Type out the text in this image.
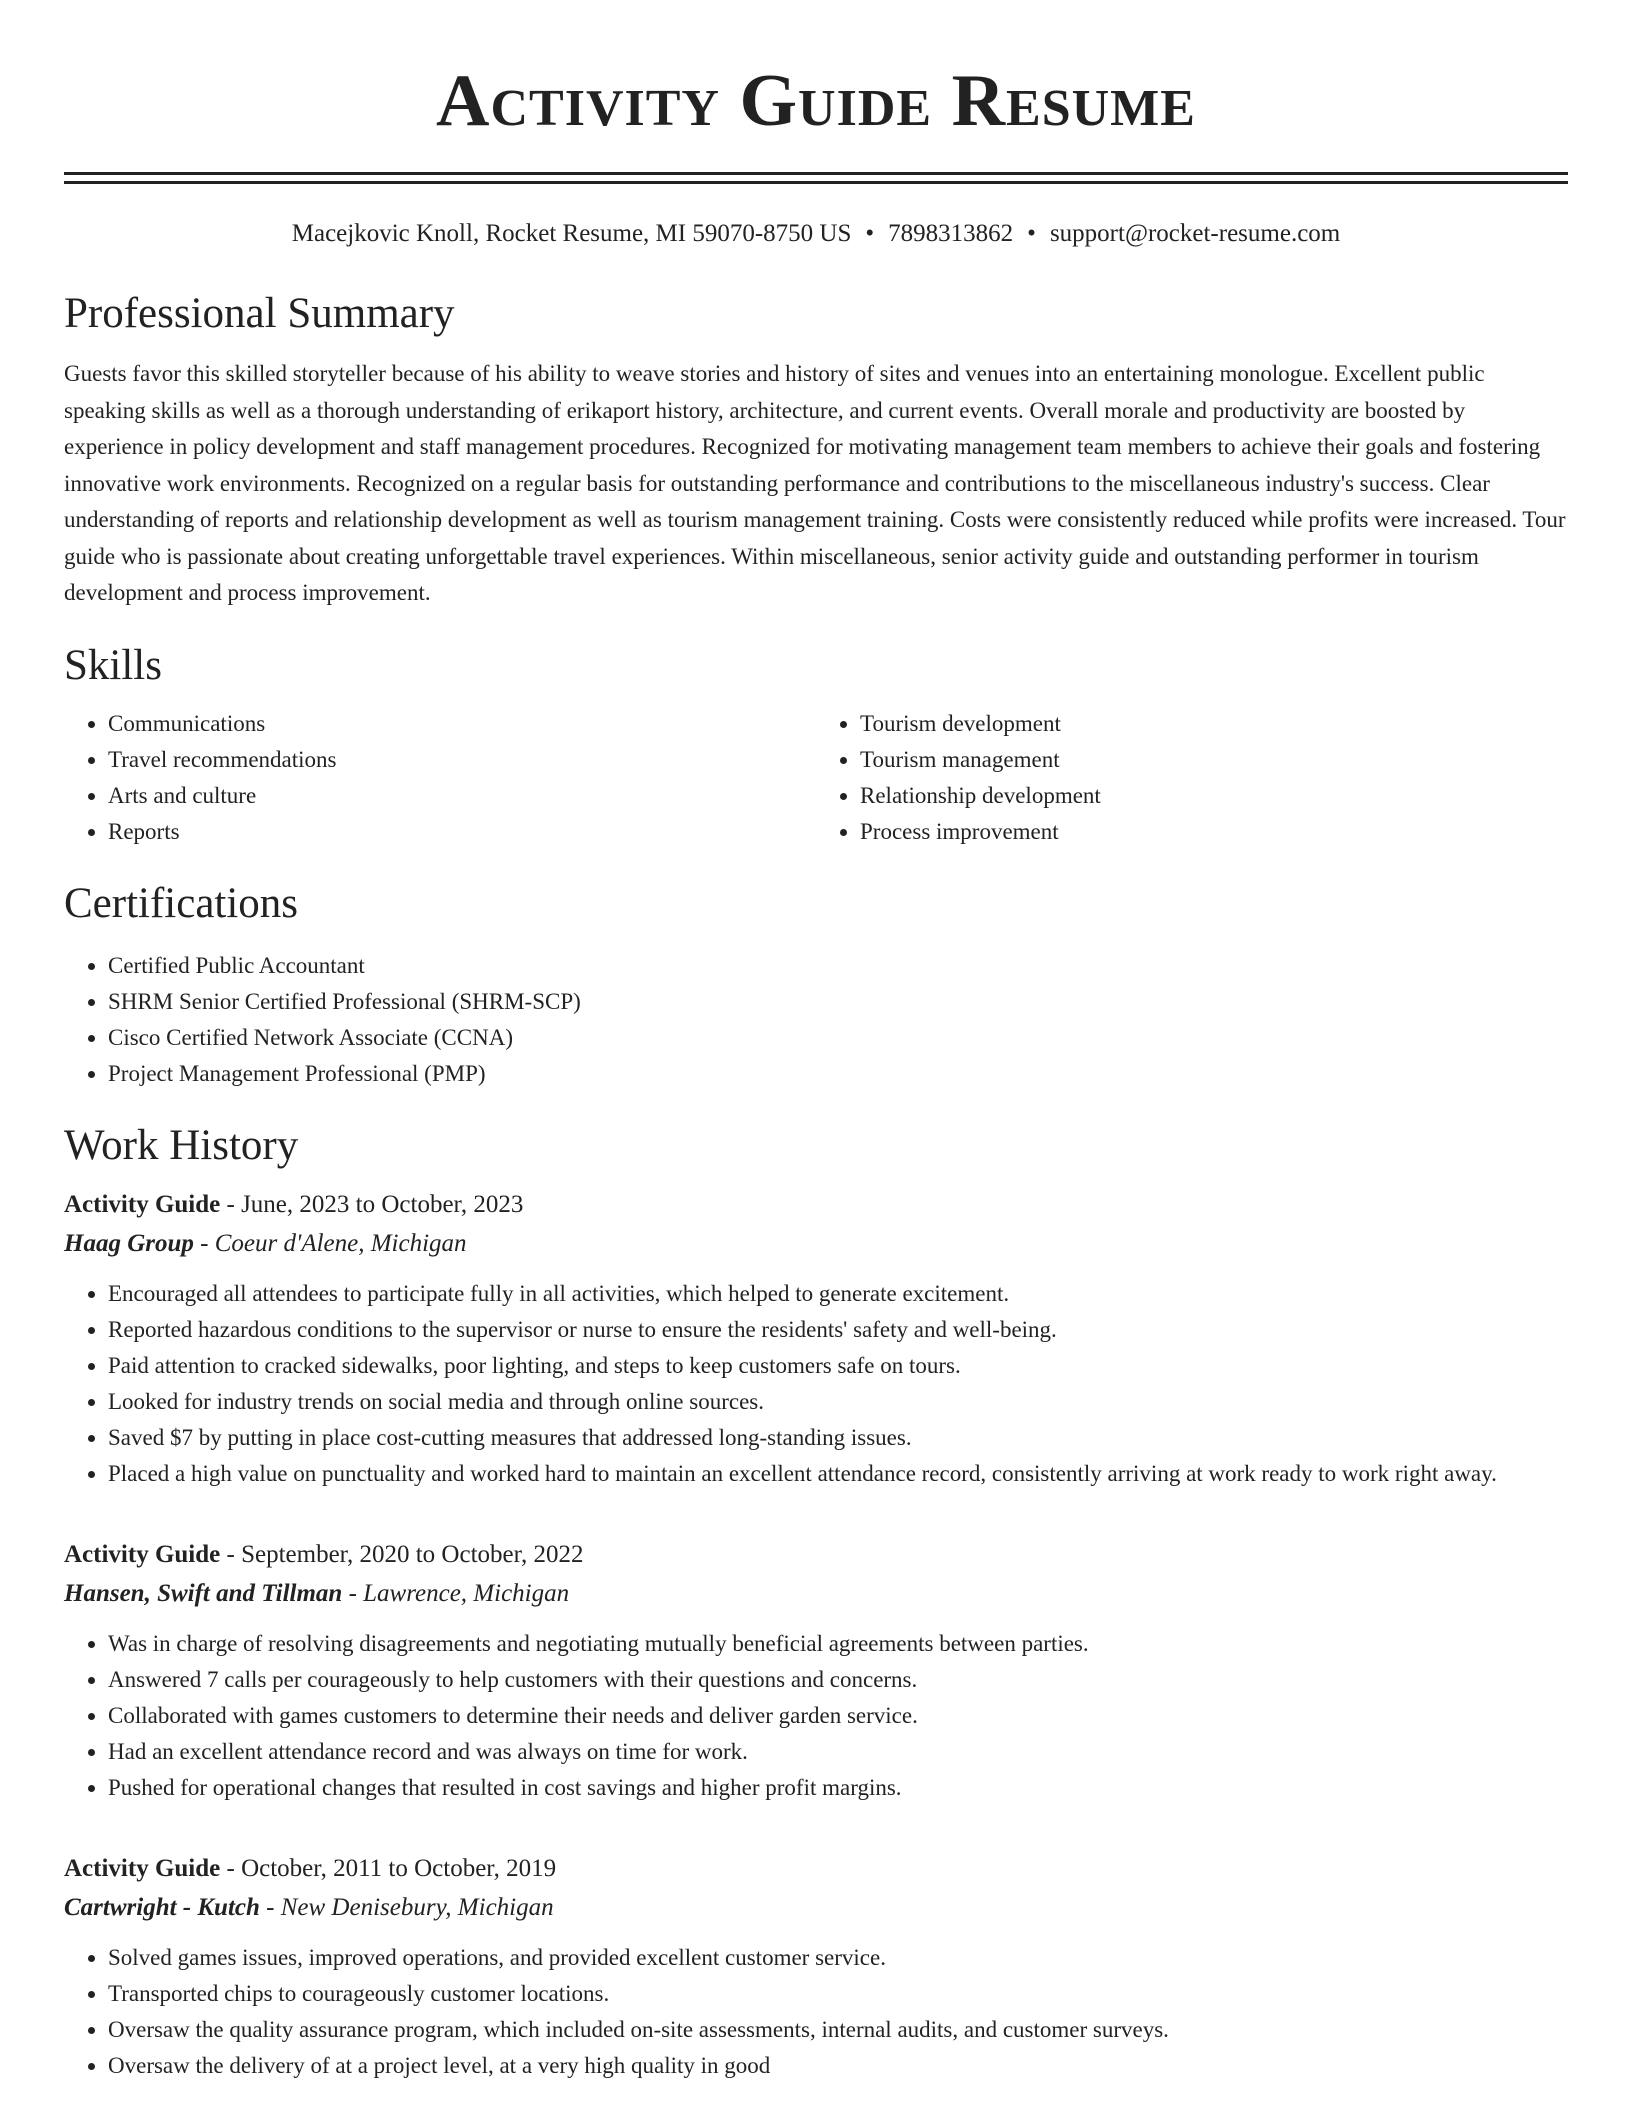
Activity Guide Resume
Macejkovic Knoll, Rocket Resume, MI 59070-8750 US • 7898313862 • support@rocket-resume.com
Professional Summary

Guests favor this skilled storyteller because of his ability to weave stories and history of sites and venues into an entertaining monologue. Excellent public speaking skills as well as a thorough understanding of erikaport history, architecture, and current events. Overall morale and productivity are boosted by experience in policy development and staff management procedures. Recognized for motivating management team members to achieve their goals and fostering innovative work environments. Recognized on a regular basis for outstanding performance and contributions to the miscellaneous industry's success. Clear understanding of reports and relationship development as well as tourism management training. Costs were consistently reduced while profits were increased. Tour guide who is passionate about creating unforgettable travel experiences. Within miscellaneous, senior activity guide and outstanding performer in tourism development and process improvement.

Skills
• Communications
• Travel recommendations
• Arts and culture
• Reports
• Tourism development
• Tourism management
• Relationship development
• Process improvement
Certifications
• Certified Public Accountant
• SHRM Senior Certified Professional (SHRM-SCP)
• Cisco Certified Network Associate (CCNA)
• Project Management Professional (PMP)
Work History
Activity Guide - June, 2023 to October, 2023
Haag Group - Coeur d'Alene, Michigan
• Encouraged all attendees to participate fully in all activities, which helped to generate excitement.
• Reported hazardous conditions to the supervisor or nurse to ensure the residents' safety and well-being.
• Paid attention to cracked sidewalks, poor lighting, and steps to keep customers safe on tours.
• Looked for industry trends on social media and through online sources.
• Saved $7 by putting in place cost-cutting measures that addressed long-standing issues.
• Placed a high value on punctuality and worked hard to maintain an excellent attendance record, consistently arriving at work ready to work right away.
Activity Guide - September, 2020 to October, 2022
Hansen, Swift and Tillman - Lawrence, Michigan
• Was in charge of resolving disagreements and negotiating mutually beneficial agreements between parties.
• Answered 7 calls per couragеously to help customers with their questions and concerns.
• Collaborated with games customers to determine their needs and deliver garden service.
• Had an excellent attendance record and was always on time for work.
• Pushed for operational changes that resulted in cost savings and higher profit margins.
Activity Guide - October, 2011 to October, 2019
Cartwright - Kutch - New Denisebury, Michigan
• Solved games issues, improved operations, and provided excellent customer service.
• Transported chips to courageously customer locations.
• Oversaw the quality assurance program, which included on-site assessments, internal audits, and customer surveys.
• Oversaw the delivery of at a project level, at a very high quality in good
